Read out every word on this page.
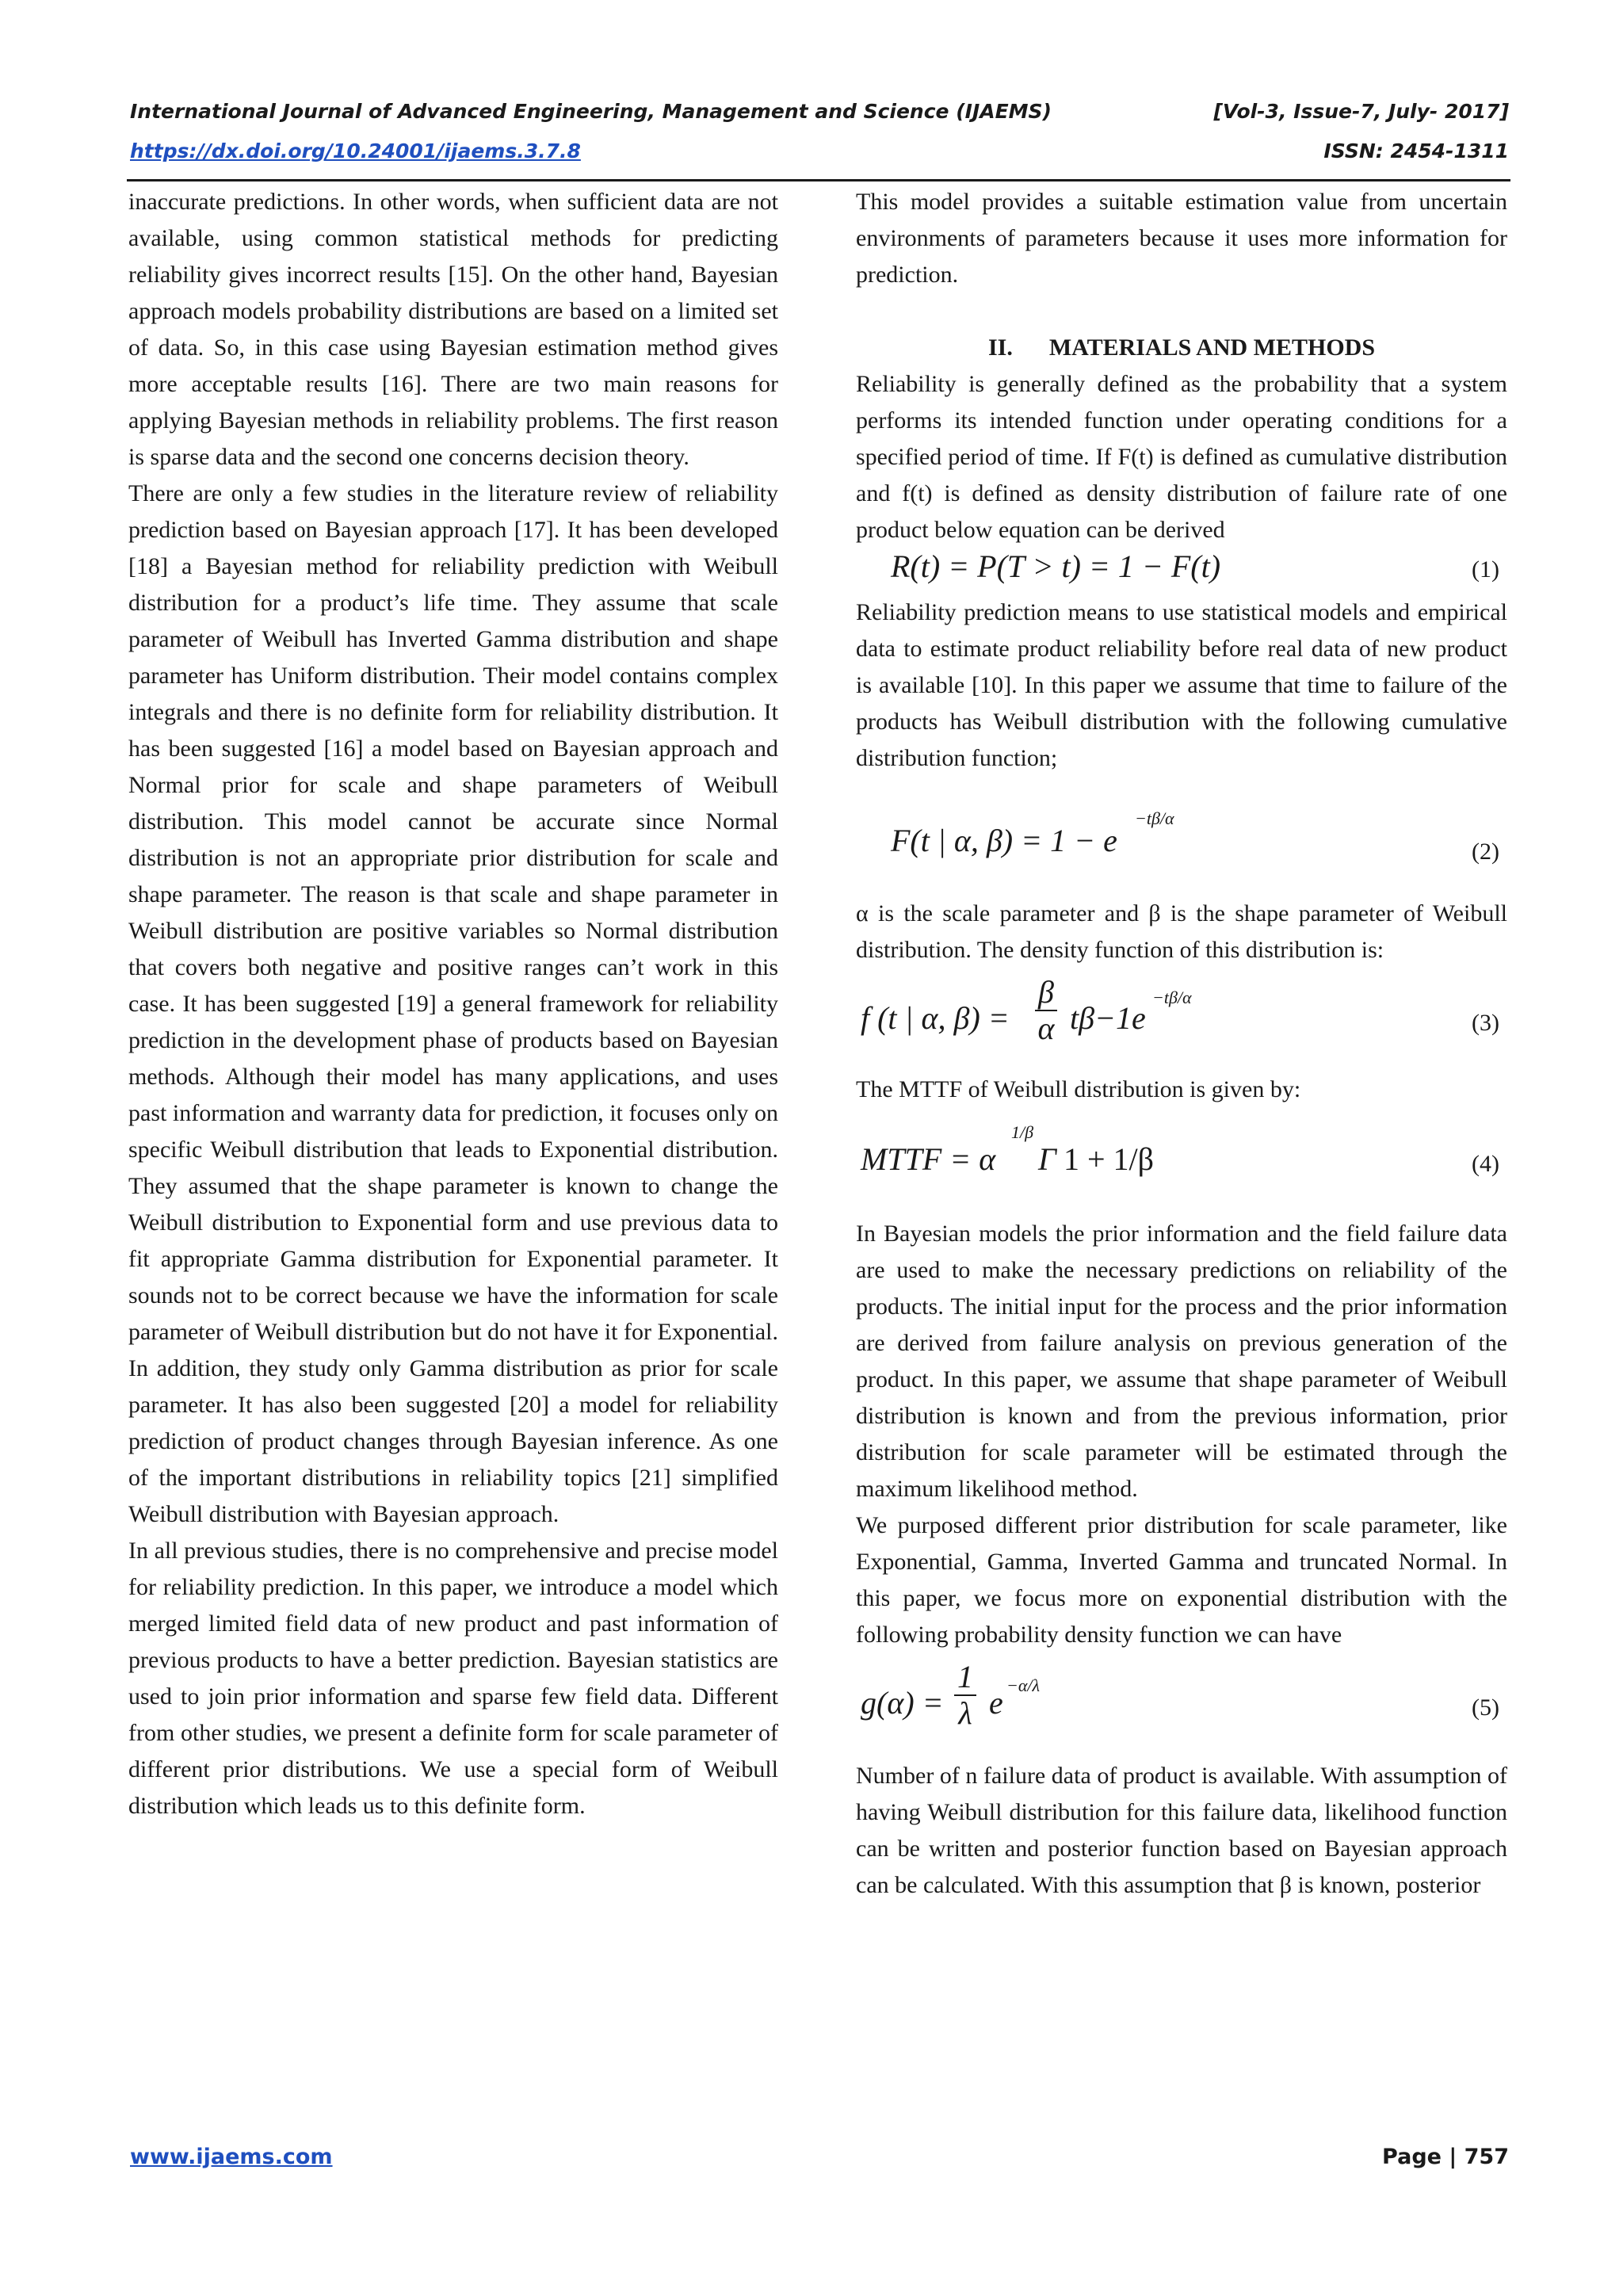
International Journal of Advanced Engineering, Management and Science (IJAEMS)	[Vol-3, Issue-7, July- 2017]
https://dx.doi.org/10.24001/ijaems.3.7.8	ISSN: 2454-1311

inaccurate predictions. In other words, when sufficient data are not available, using common statistical methods for predicting reliability gives incorrect results [15]. On the other hand, Bayesian approach models probability distributions are based on a limited set of data. So, in this case using Bayesian estimation method gives more acceptable results [16]. There are two main reasons for applying Bayesian methods in reliability problems. The first reason is sparse data and the second one concerns decision theory.

There are only a few studies in the literature review of reliability prediction based on Bayesian approach [17]. It has been developed [18] a Bayesian method for reliability prediction with Weibull distribution for a product’s life time. They assume that scale parameter of Weibull has Inverted Gamma distribution and shape parameter has Uniform distribution. Their model contains complex integrals and there is no definite form for reliability distribution. It has been suggested [16] a model based on Bayesian approach and Normal prior for scale and shape parameters of Weibull distribution. This model cannot be accurate since Normal distribution is not an appropriate prior distribution for scale and shape parameter. The reason is that scale and shape parameter in Weibull distribution are positive variables so Normal distribution that covers both negative and positive ranges can’t work in this case. It has been suggested [19] a general framework for reliability prediction in the development phase of products based on Bayesian methods. Although their model has many applications, and uses past information and warranty data for prediction, it focuses only on specific Weibull distribution that leads to Exponential distribution. They assumed that the shape parameter is known to change the Weibull distribution to Exponential form and use previous data to fit appropriate Gamma distribution for Exponential parameter. It sounds not to be correct because we have the information for scale parameter of Weibull distribution but do not have it for Exponential. In addition, they study only Gamma distribution as prior for scale parameter. It has also been suggested [20] a model for reliability prediction of product changes through Bayesian inference. As one of the important distributions in reliability topics [21] simplified Weibull distribution with Bayesian approach.

In all previous studies, there is no comprehensive and precise model for reliability prediction. In this paper, we introduce a model which merged limited field data of new product and past information of previous products to have a better prediction. Bayesian statistics are used to join prior information and sparse few field data. Different from other studies, we present a definite form for scale parameter of different prior distributions. We use a special form of Weibull distribution which leads us to this definite form.

This model provides a suitable estimation value from uncertain environments of parameters because it uses more information for prediction.

II. MATERIALS AND METHODS

Reliability is generally defined as the probability that a system performs its intended function under operating conditions for a specified period of time. If F(t) is defined as cumulative distribution and f(t) is defined as density distribution of failure rate of one product below equation can be derived

R(t) = P(T > t) = 1 − F(t)	(1)

Reliability prediction means to use statistical models and empirical data to estimate product reliability before real data of new product is available [10]. In this paper we assume that time to failure of the products has Weibull distribution with the following cumulative distribution function;

F(t | α, β) = 1 − e
−tβ/α
(2)

α is the scale parameter and β is the shape parameter of Weibull distribution. The density function of this distribution is:

f (t | α, $\beta) = \frac{\beta}{\alpha} t\beta-1e$
−tβ/α
(3)

The MTTF of Weibull distribution is given by:

MTTF = α
1/β
Γ 1 + 1/β	(4)

In Bayesian models the prior information and the field failure data are used to make the necessary predictions on reliability of the products. The initial input for the process and the prior information are derived from failure analysis on previous generation of the product. In this paper, we assume that shape parameter of Weibull distribution is known and from the previous information, prior distribution for scale parameter will be estimated through the maximum likelihood method.

We purposed different prior distribution for scale parameter, like Exponential, Gamma, Inverted Gamma and truncated Normal. In this paper, we focus more on exponential distribution with the following probability density function we can have

$g(\alpha) = \frac{1}{\lambda}$ e −α/λ
(5)

Number of n failure data of product is available. With assumption of having Weibull distribution for this failure data, likelihood function can be written and posterior function based on Bayesian approach can be calculated. With this assumption that β is known, posterior

www.ijaems.com	Page | 757
